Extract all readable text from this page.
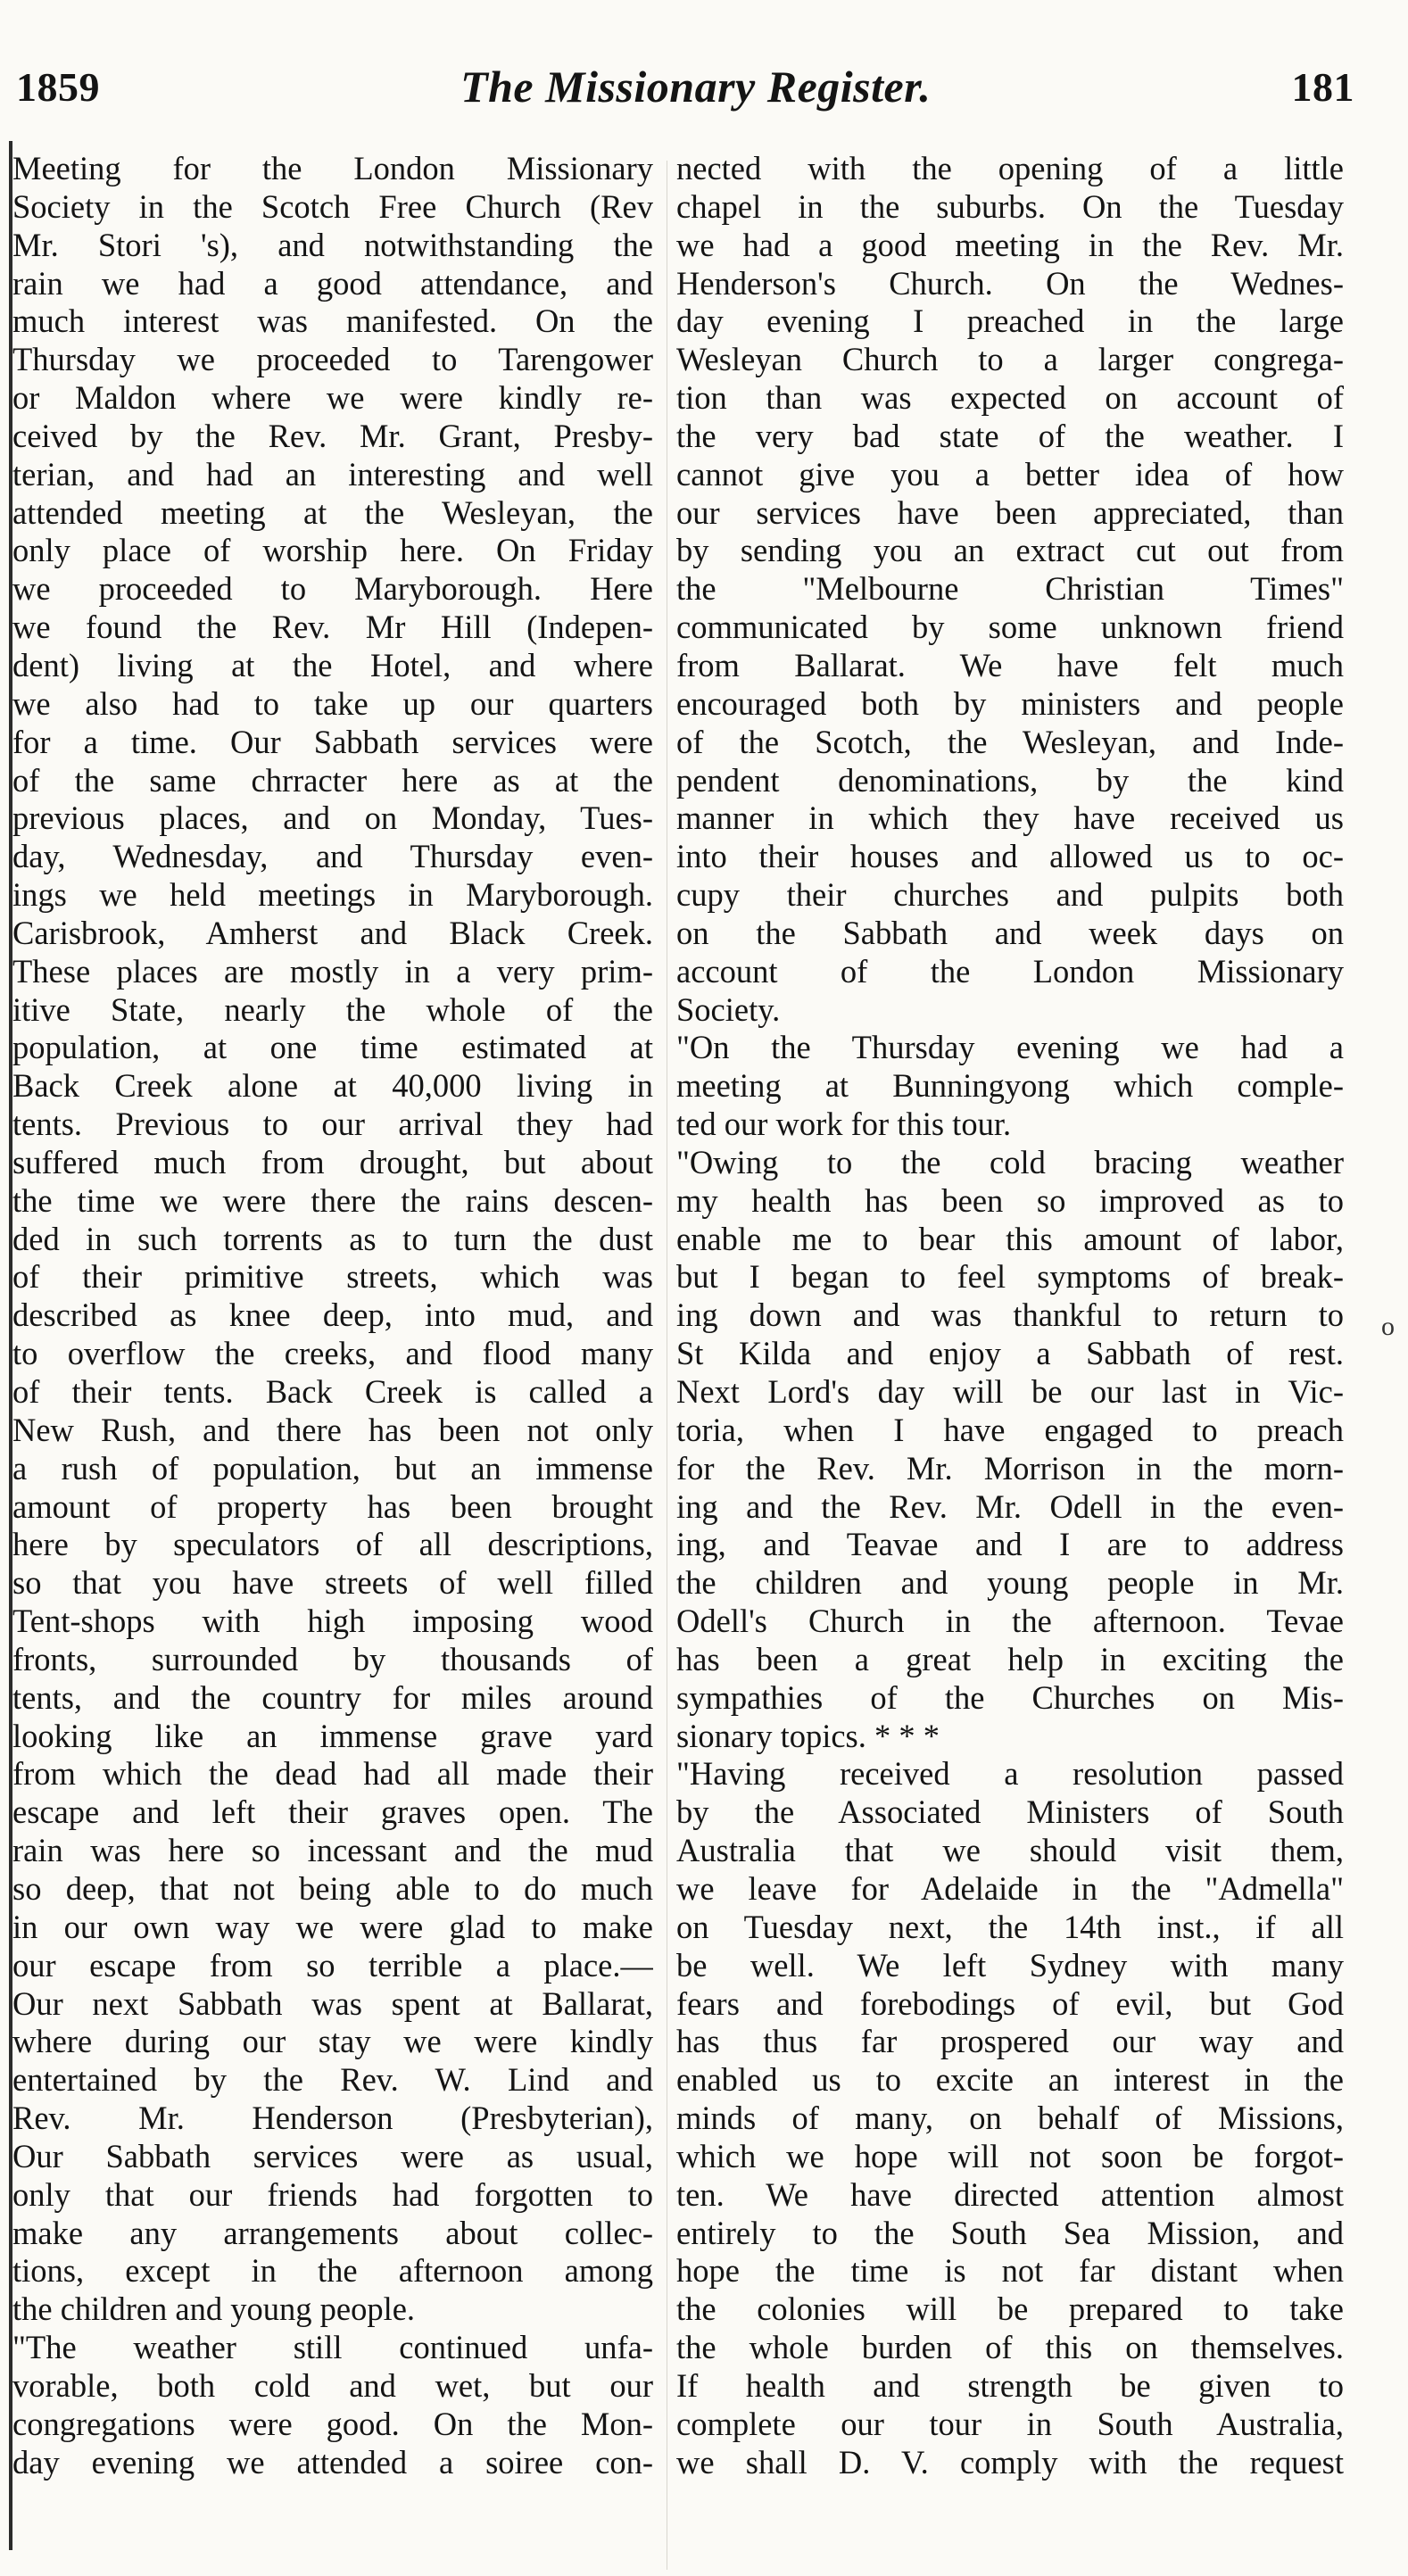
1859	The Missionary Register.	181
Meeting for the London Missionary
Society in the Scotch Free Church (Rev
Mr. Stori 's), and notwithstanding the
rain we had a good attendance, and
much interest was manifested. On the
Thursday we proceeded to Tarengower
or Maldon where we were kindly re-
ceived by the Rev. Mr. Grant, Presby-
terian, and had an interesting and well
attended meeting at the Wesleyan, the
only place of worship here. On Friday
we proceeded to Maryborough. Here
we found the Rev. Mr Hill (Indepen-
dent) living at the Hotel, and where
we also had to take up our quarters
for a time. Our Sabbath services were
of the same chrracter here as at the
previous places, and on Monday, Tues-
day, Wednesday, and Thursday even-
ings we held meetings in Maryborough.
Carisbrook, Amherst and Black Creek.
These places are mostly in a very prim-
itive State, nearly the whole of the
population, at one time estimated at
Back Creek alone at 40,000 living in
tents. Previous to our arrival they had
suffered much from drought, but about
the time we were there the rains descen-
ded in such torrents as to turn the dust
of their primitive streets, which was
described as knee deep, into mud, and
to overflow the creeks, and flood many
of their tents. Back Creek is called a
New Rush, and there has been not only
a rush of population, but an immense
amount of property has been brought
here by speculators of all descriptions,
so that you have streets of well filled
Tent-shops with high imposing wood
fronts, surrounded by thousands of
tents, and the country for miles around
looking like an immense grave yard
from which the dead had all made their
escape and left their graves open. The
rain was here so incessant and the mud
so deep, that not being able to do much
in our own way we were glad to make
our escape from so terrible a place.—
Our next Sabbath was spent at Ballarat,
where during our stay we were kindly
entertained by the Rev. W. Lind and
Rev. Mr. Henderson (Presbyterian),
Our Sabbath services were as usual,
only that our friends had forgotten to
make any arrangements about collec-
tions, except in the afternoon among
the children and young people.
"The weather still continued unfa-
vorable, both cold and wet, but our
congregations were good. On the Mon-
day evening we attended a soiree con-
nected with the opening of a little
chapel in the suburbs. On the Tuesday
we had a good meeting in the Rev. Mr.
Henderson's Church. On the Wednes-
day evening I preached in the large
Wesleyan Church to a larger congrega-
tion than was expected on account of
the very bad state of the weather. I
cannot give you a better idea of how
our services have been appreciated, than
by sending you an extract cut out from
the "Melbourne Christian Times"
communicated by some unknown friend
from Ballarat. We have felt much
encouraged both by ministers and people
of the Scotch, the Wesleyan, and Inde-
pendent denominations, by the kind
manner in which they have received us
into their houses and allowed us to oc-
cupy their churches and pulpits both
on the Sabbath and week days on
account of the London Missionary
Society.
"On the Thursday evening we had a
meeting at Bunningyong which comple-
ted our work for this tour.
"Owing to the cold bracing weather
my health has been so improved as to
enable me to bear this amount of labor,
but I began to feel symptoms of break-
ing down and was thankful to return to
St Kilda and enjoy a Sabbath of rest.
Next Lord's day will be our last in Vic-
toria, when I have engaged to preach
for the Rev. Mr. Morrison in the morn-
ing and the Rev. Mr. Odell in the even-
ing, and Teavae and I are to address
the children and young people in Mr.
Odell's Church in the afternoon. Tevae
has been a great help in exciting the
sympathies of the Churches on Mis-
sionary topics. * * *
"Having received a resolution passed
by the Associated Ministers of South
Australia that we should visit them,
we leave for Adelaide in the "Admella"
on Tuesday next, the 14th inst., if all
be well. We left Sydney with many
fears and forebodings of evil, but God
has thus far prospered our way and
enabled us to excite an interest in the
minds of many, on behalf of Missions,
which we hope will not soon be forgot-
ten. We have directed attention almost
entirely to the South Sea Mission, and
hope the time is not far distant when
the colonies will be prepared to take
the whole burden of this on themselves.
If health and strength be given to
complete our tour in South Australia,
we shall D. V. comply with the request
o
